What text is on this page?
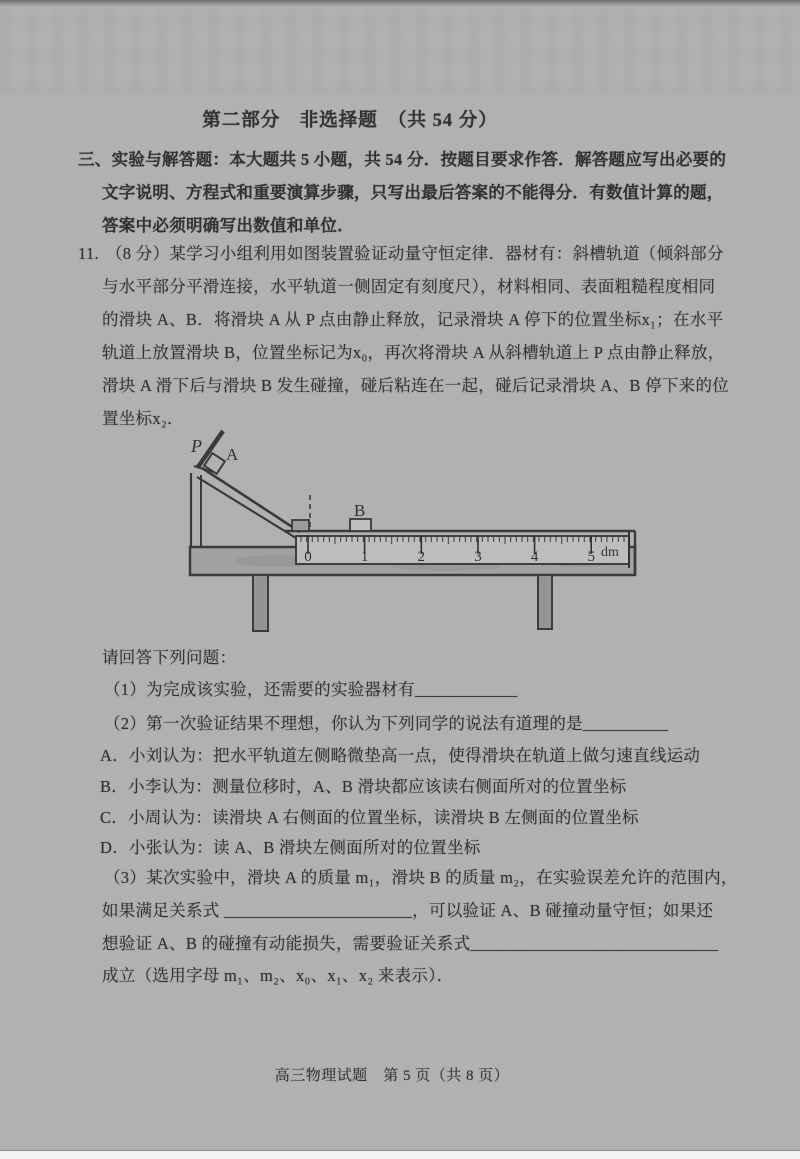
第二部分　非选择题　（共 54 分）
三、实验与解答题：本大题共 5 小题，共 54 分．按题目要求作答．解答题应写出必要的
文字说明、方程式和重要演算步骤，只写出最后答案的不能得分．有数值计算的题，
答案中必须明确写出数值和单位．
11. （8 分）某学习小组利用如图装置验证动量守恒定律．器材有：斜槽轨道（倾斜部分
与水平部分平滑连接，水平轨道一侧固定有刻度尺），材料相同、表面粗糙程度相同
的滑块 A、B．将滑块 A 从 P 点由静止释放，记录滑块 A 停下的位置坐标x₁；在水平
轨道上放置滑块 B，位置坐标记为x₀，再次将滑块 A 从斜槽轨道上 P 点由静止释放，
滑块 A 滑下后与滑块 B 发生碰撞，碰后粘连在一起，碰后记录滑块 A、B 停下来的位
置坐标x₂．
0	1	2	3	4	5 dm
P A
B
请回答下列问题：
（1）为完成该实验，还需要的实验器材有____________
（2）第一次验证结果不理想，你认为下列同学的说法有道理的是__________
A．小刘认为：把水平轨道左侧略微垫高一点，使得滑块在轨道上做匀速直线运动
B．小李认为：测量位移时，A、B 滑块都应该读右侧面所对的位置坐标
C．小周认为：读滑块 A 右侧面的位置坐标，读滑块 B 左侧面的位置坐标
D．小张认为：读 A、B 滑块左侧面所对的位置坐标
（3）某次实验中，滑块 A 的质量 m₁，滑块 B 的质量 m₂，在实验误差允许的范围内，
如果满足关系式 ______________________，可以验证 A、B 碰撞动量守恒；如果还
想验证 A、B 的碰撞有动能损失，需要验证关系式_____________________________
成立（选用字母 m₁、m₂、x₀、x₁、x₂ 来表示）．
高三物理试题　第 5 页（共 8 页）
